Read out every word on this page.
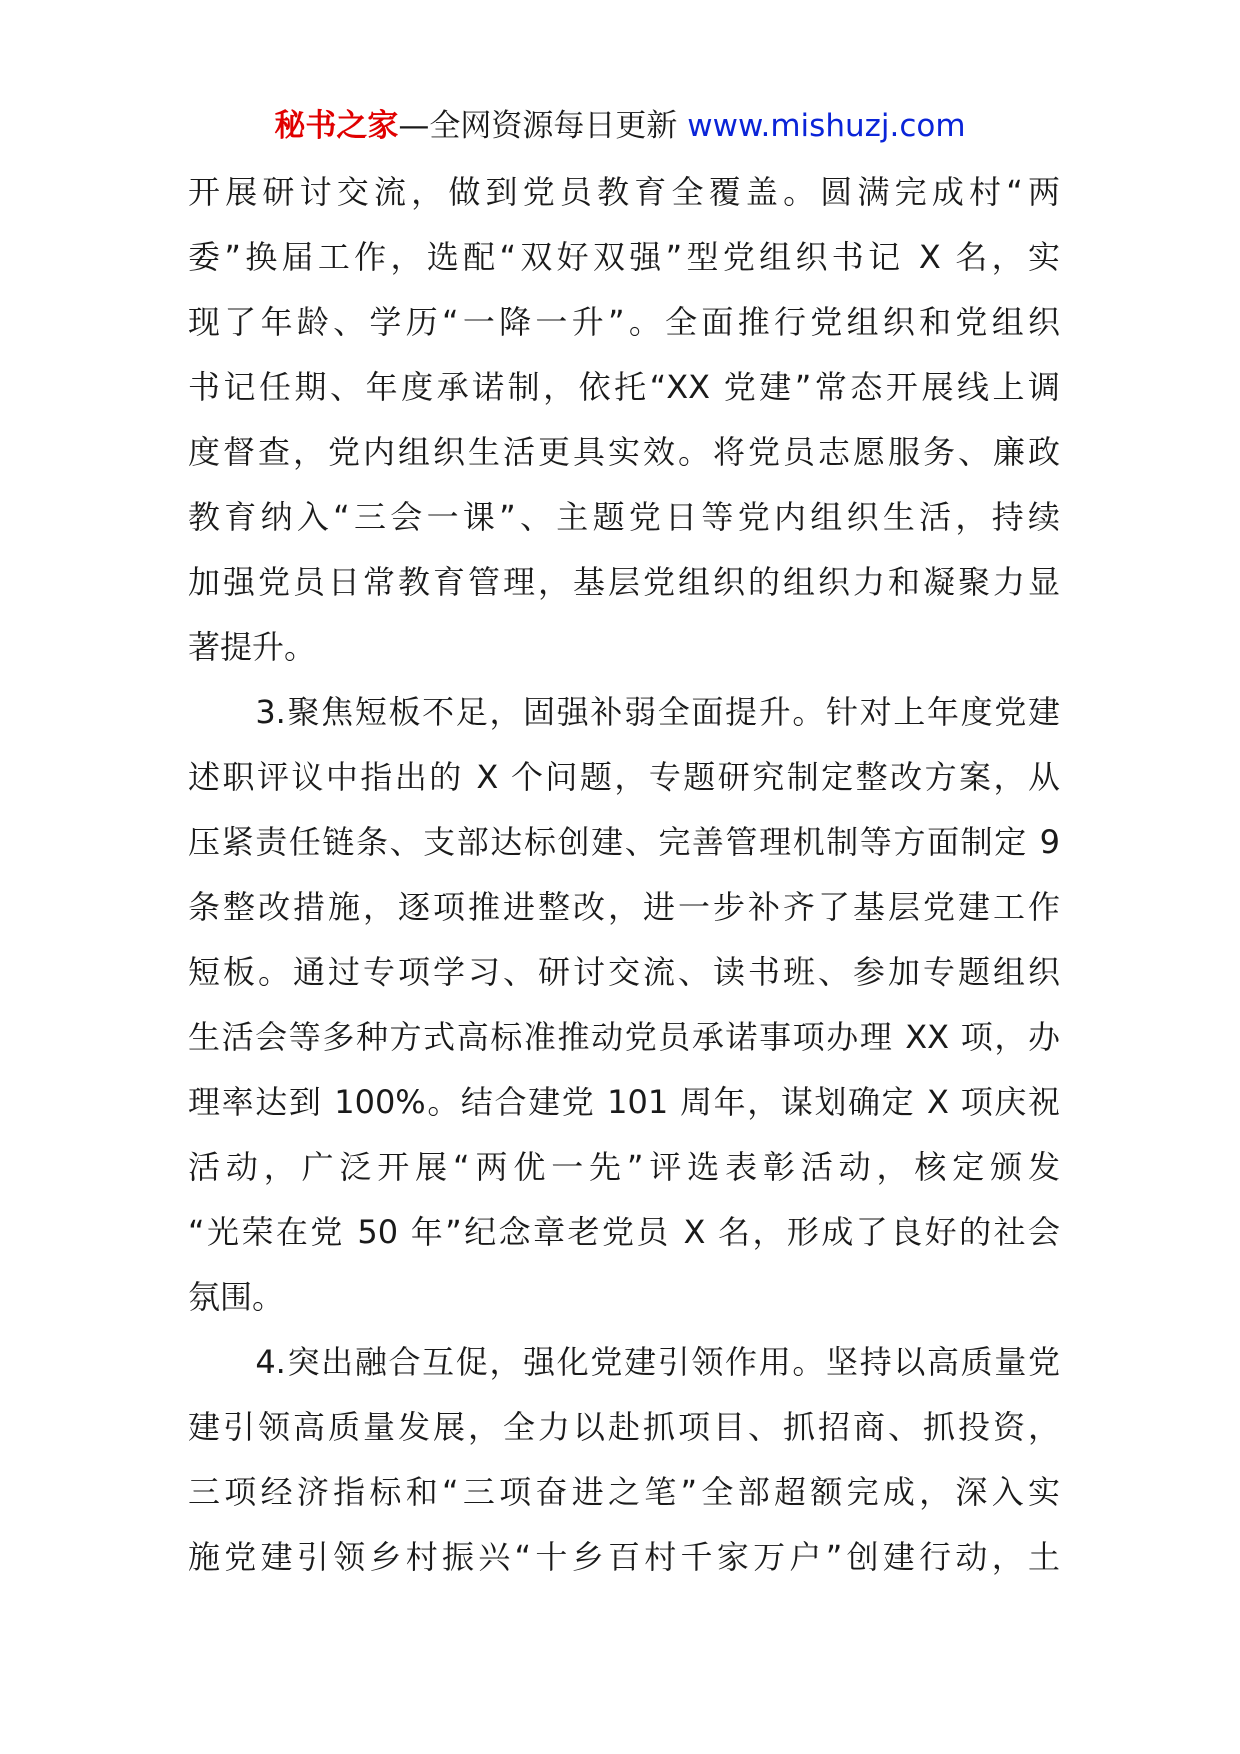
秘书之家—全网资源每日更新 www.mishuzj.com
开展研讨交流，做到党员教育全覆盖。圆满完成村“两
委”换届工作，选配“双好双强”型党组织书记 X 名，实
现了年龄、学历“一降一升”。全面推行党组织和党组织
书记任期、年度承诺制，依托“XX 党建”常态开展线上调
度督查，党内组织生活更具实效。将党员志愿服务、廉政
教育纳入“三会一课”、主题党日等党内组织生活，持续
加强党员日常教育管理，基层党组织的组织力和凝聚力显
著提升。
　　3.聚焦短板不足，固强补弱全面提升。针对上年度党建
述职评议中指出的 X 个问题，专题研究制定整改方案，从
压紧责任链条、支部达标创建、完善管理机制等方面制定 9
条整改措施，逐项推进整改，进一步补齐了基层党建工作
短板。通过专项学习、研讨交流、读书班、参加专题组织
生活会等多种方式高标准推动党员承诺事项办理 XX 项，办
理率达到 100%。结合建党 101 周年，谋划确定 X 项庆祝
活动，广泛开展“两优一先”评选表彰活动，核定颁发
“光荣在党 50 年”纪念章老党员 X 名，形成了良好的社会
氛围。
　　4.突出融合互促，强化党建引领作用。坚持以高质量党
建引领高质量发展，全力以赴抓项目、抓招商、抓投资，
三项经济指标和“三项奋进之笔”全部超额完成，深入实
施党建引领乡村振兴“十乡百村千家万户”创建行动，土
